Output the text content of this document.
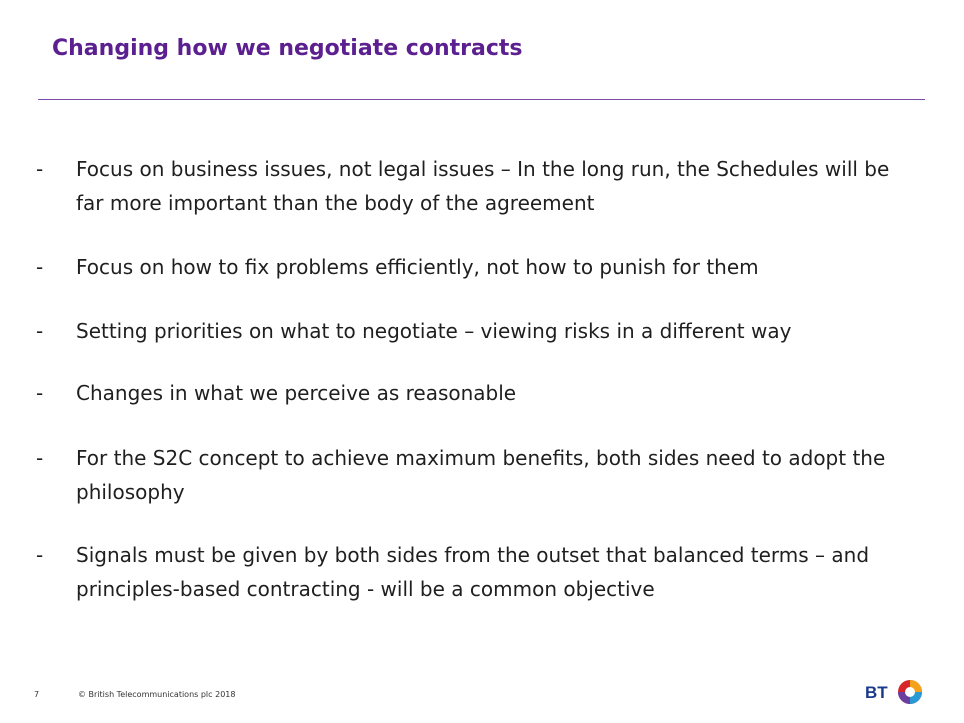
Changing how we negotiate contracts
-	Focus on business issues, not legal issues – In the long run, the Schedules will be far more important than the body of the agreement
-	Focus on how to fix problems efficiently, not how to punish for them
-	Setting priorities on what to negotiate – viewing risks in a different way
-	Changes in what we perceive as reasonable
-	For the S2C concept to achieve maximum benefits, both sides need to adopt the philosophy
-	Signals must be given by both sides from the outset that balanced terms – and principles-based contracting - will be a common objective
7	© British Telecommunications plc 2018	BT
